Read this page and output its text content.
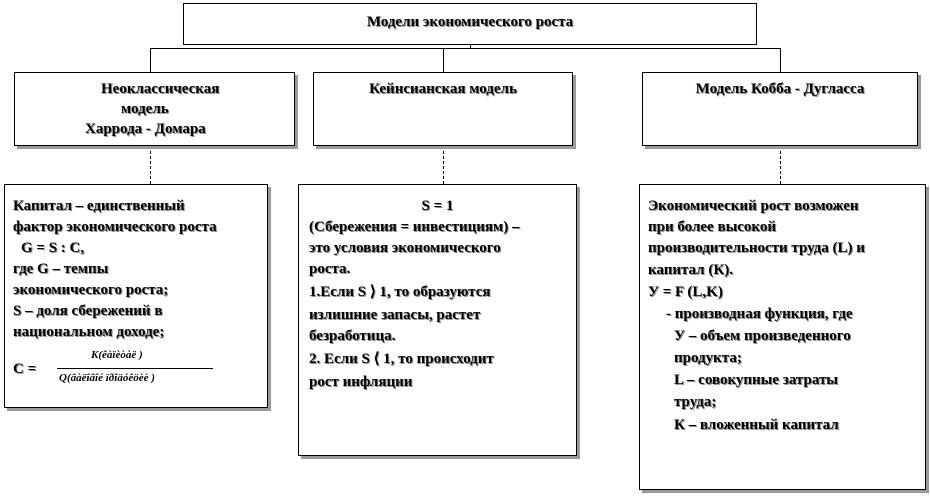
Модели экономического роста
Неоклассическая
модель
Харрода - Домара
Кейнсианская модель	Модель Кобба - Дугласса
Капитал – единственный
фактор экономического роста
G = S : C,
где G – темпы
экономического роста;
S – доля сбережений в
национальном доходе;
C =
K(êàïèòàë )
Q(âàëîâîé ïðîäóêöèè )
S = 1
(Сбережения = инвестициям) –
это условия экономического
роста.
1.Если S ⟩ 1, то образуются
излишние запасы, растет
безработица.
2. Если S ⟨ 1, то происходит
рост инфляции
Экономический рост возможен
при более высокой
производительности труда (L) и
капитал (К).
У = F (L,K)
- производная функция, где
У – объем произведенного
продукта;
L – совокупные затраты
труда;
К – вложенный капитал
